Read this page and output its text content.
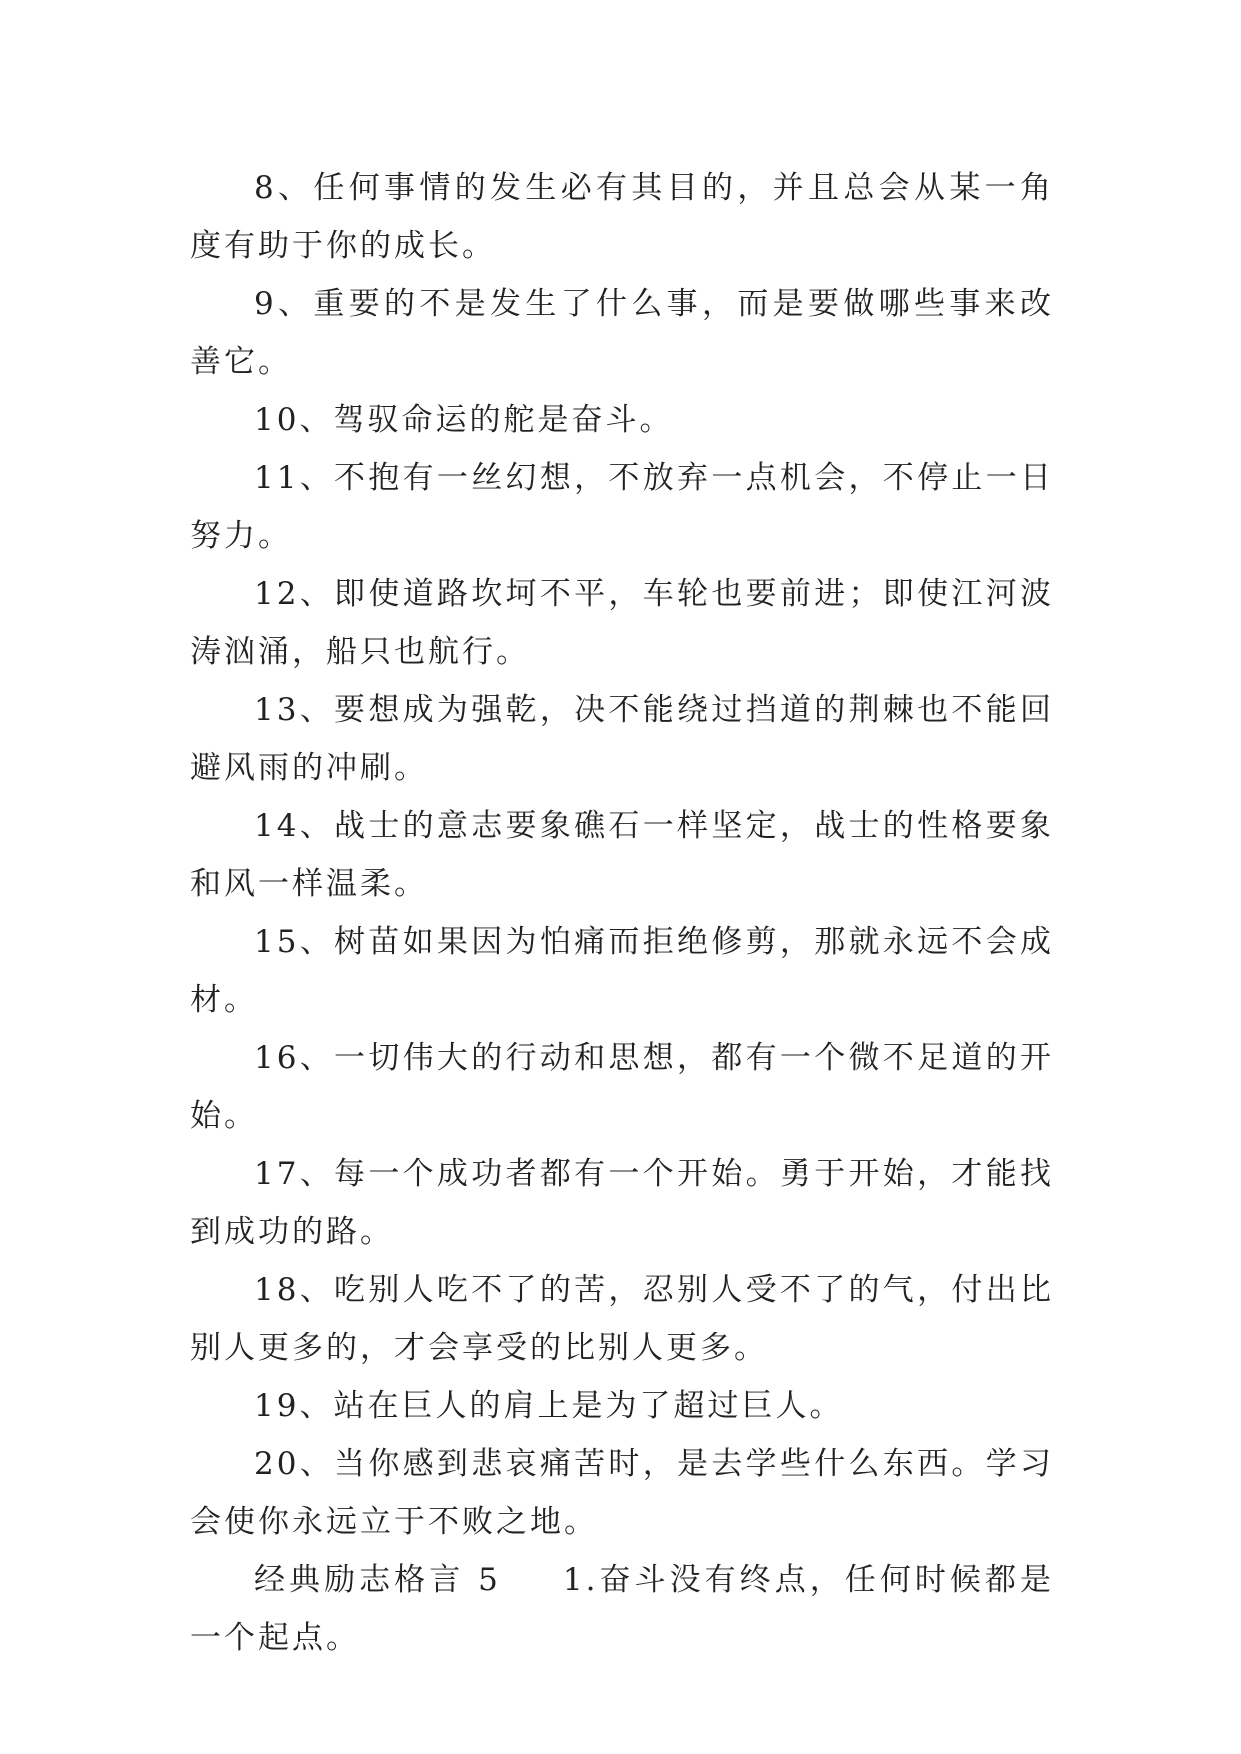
8、任何事情的发生必有其目的，并且总会从某一角度有助于你的成长。

9、重要的不是发生了什么事，而是要做哪些事来改善它。

10、驾驭命运的舵是奋斗。

11、不抱有一丝幻想，不放弃一点机会，不停止一日努力。

12、即使道路坎坷不平，车轮也要前进；即使江河波涛汹涌，船只也航行。

13、要想成为强乾，决不能绕过挡道的荆棘也不能回避风雨的冲刷。

14、战士的意志要象礁石一样坚定，战士的性格要象和风一样温柔。

15、树苗如果因为怕痛而拒绝修剪，那就永远不会成材。

16、一切伟大的行动和思想，都有一个微不足道的开始。

17、每一个成功者都有一个开始。勇于开始，才能找到成功的路。

18、吃别人吃不了的苦，忍别人受不了的气，付出比别人更多的，才会享受的比别人更多。

19、站在巨人的肩上是为了超过巨人。

20、当你感到悲哀痛苦时，是去学些什么东西。学习会使你永远立于不败之地。

经典励志格言 5 1.奋斗没有终点，任何时候都是一个起点。
